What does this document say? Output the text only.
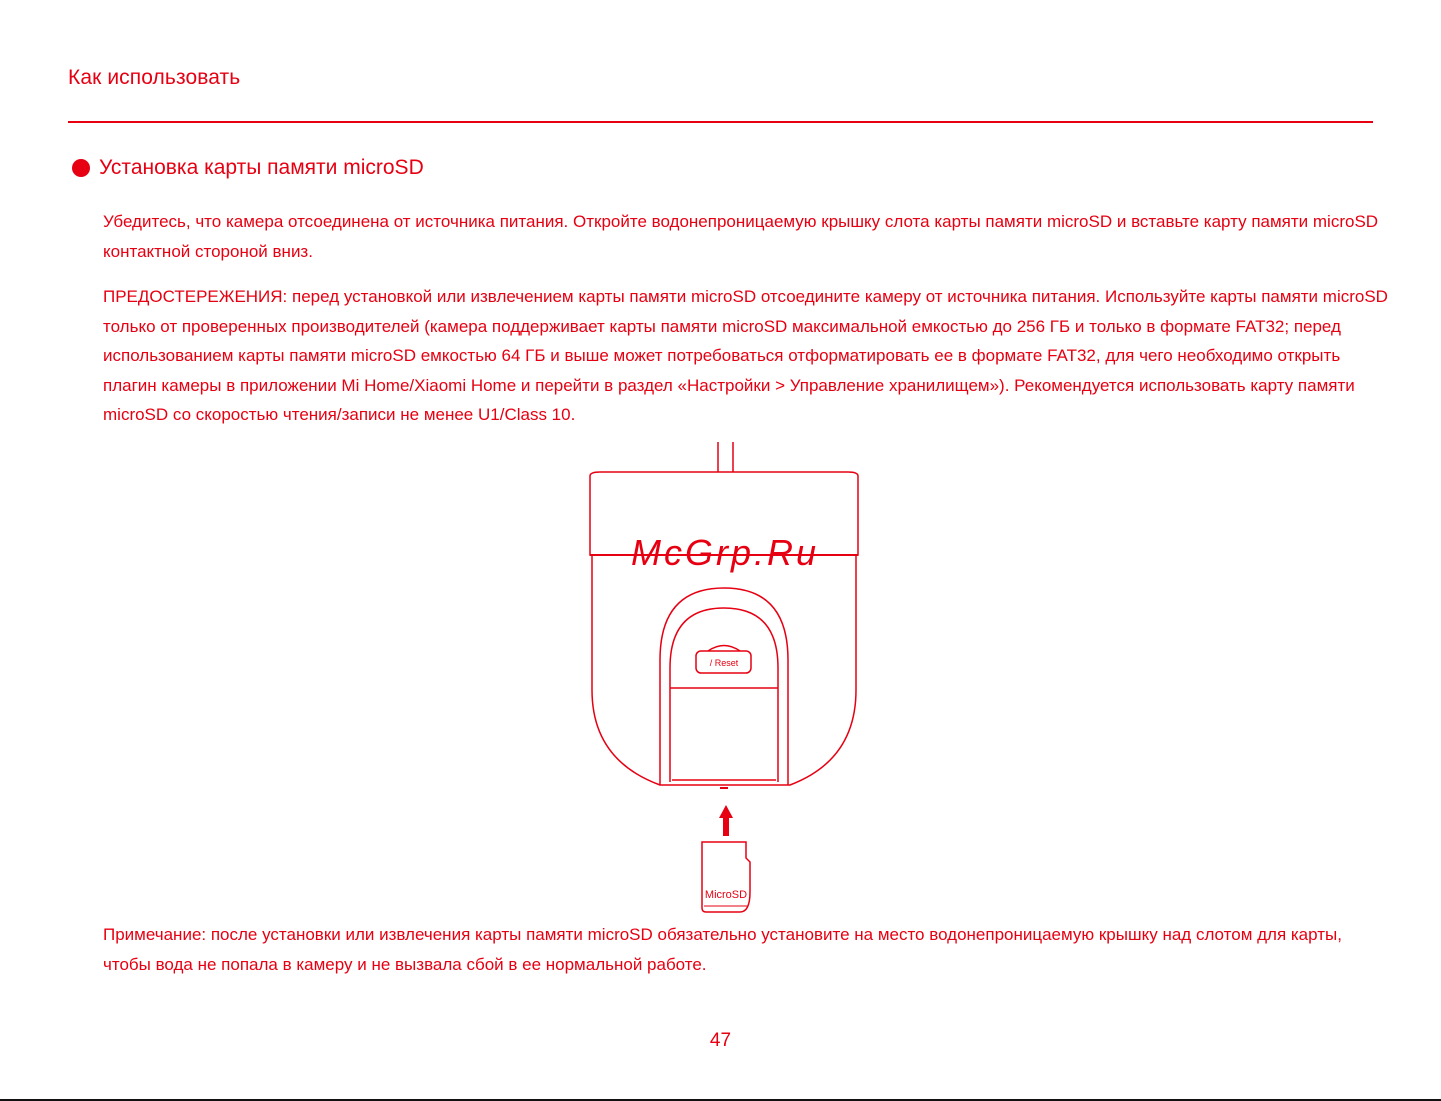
Как использовать
Установка карты памяти microSD

Убедитесь, что камера отсоединена от источника питания. Откройте водонепроницаемую крышку слота карты памяти microSD и вставьте карту памяти microSD контактной стороной вниз.

ПРЕДОСТЕРЕЖЕНИЯ: перед установкой или извлечением карты памяти microSD отсоедините камеру от источника питания. Используйте карты памяти microSD только от проверенных производителей (камера поддерживает карты памяти microSD максимальной емкостью до 256 ГБ и только в формате FAT32; перед использованием карты памяти microSD емкостью 64 ГБ и выше может потребоваться отформатировать ее в формате FAT32, для чего необходимо открыть плагин камеры в приложении Mi Home/Xiaomi Home и перейти в раздел «Настройки > Управление хранилищем»). Рекомендуется использовать карту памяти microSD со скоростью чтения/записи не менее U1/Class 10.

/ Reset
MicroSD
McGrp.Ru

Примечание: после установки или извлечения карты памяти microSD обязательно установите на место водонепроницаемую крышку над слотом для карты, чтобы вода не попала в камеру и не вызвала сбой в ее нормальной работе.

47
